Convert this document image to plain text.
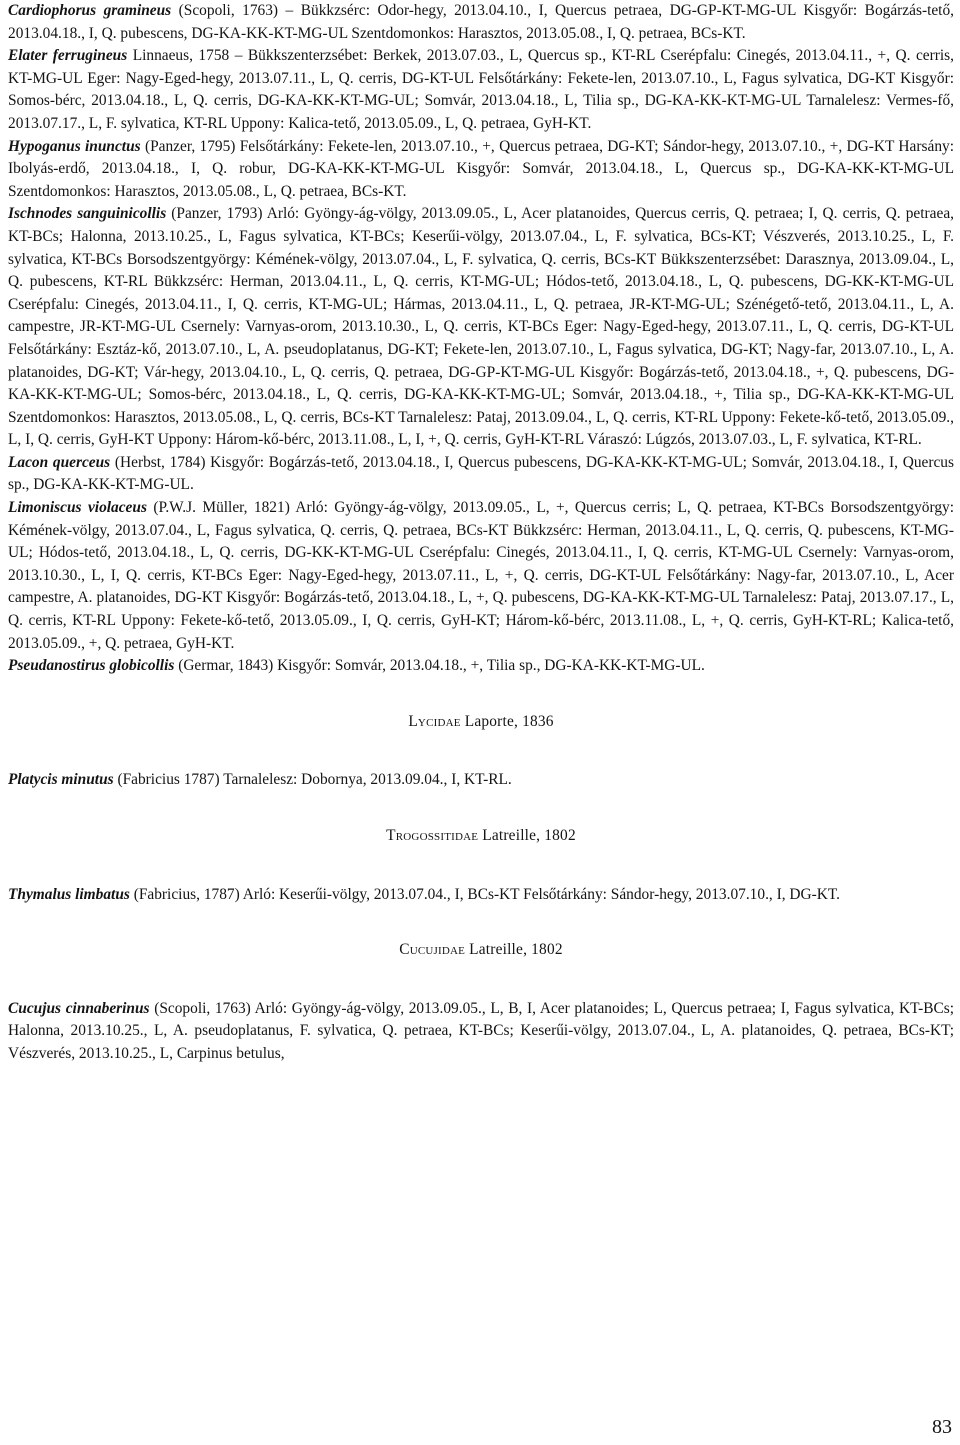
Cardiophorus gramineus (Scopoli, 1763) – Bükkzsérc: Odor-hegy, 2013.04.10., I, Quercus petraea, DG-GP-KT-MG-UL Kisgyőr: Bogárzás-tető, 2013.04.18., I, Q. pubescens, DG-KA-KK-KT-MG-UL Szentdomonkos: Harasztos, 2013.05.08., I, Q. petraea, BCs-KT.

Elater ferrugineus Linnaeus, 1758 – Bükkszenterzsébet: Berkek, 2013.07.03., L, Quercus sp., KT-RL Cserépfalu: Cinegés, 2013.04.11., +, Q. cerris, KT-MG-UL Eger: Nagy-Eged-hegy, 2013.07.11., L, Q. cerris, DG-KT-UL Felsőtárkány: Fekete-len, 2013.07.10., L, Fagus sylvatica, DG-KT Kisgyőr: Somos-bérc, 2013.04.18., L, Q. cerris, DG-KA-KK-KT-MG-UL; Somvár, 2013.04.18., L, Tilia sp., DG-KA-KK-KT-MG-UL Tarnalelesz: Vermes-fő, 2013.07.17., L, F. sylvatica, KT-RL Uppony: Kalica-tető, 2013.05.09., L, Q. petraea, GyH-KT.

Hypoganus inunctus (Panzer, 1795) Felsőtárkány: Fekete-len, 2013.07.10., +, Quercus petraea, DG-KT; Sándor-hegy, 2013.07.10., +, DG-KT Harsány: Ibolyás-erdő, 2013.04.18., I, Q. robur, DG-KA-KK-KT-MG-UL Kisgyőr: Somvár, 2013.04.18., L, Quercus sp., DG-KA-KK-KT-MG-UL Szentdomonkos: Harasztos, 2013.05.08., L, Q. petraea, BCs-KT.

Ischnodes sanguinicollis (Panzer, 1793) Arló: Gyöngy-ág-völgy, 2013.09.05., L, Acer platanoides, Quercus cerris, Q. petraea; I, Q. cerris, Q. petraea, KT-BCs; Halonna, 2013.10.25., L, Fagus sylvatica, KT-BCs; Keserűi-völgy, 2013.07.04., L, F. sylvatica, BCs-KT; Vészverés, 2013.10.25., L, F. sylvatica, KT-BCs Borsodszentgyörgy: Kémének-völgy, 2013.07.04., L, F. sylvatica, Q. cerris, BCs-KT Bükkszenterzsébet: Darasznya, 2013.09.04., L, Q. pubescens, KT-RL Bükkzsérc: Herman, 2013.04.11., L, Q. cerris, KT-MG-UL; Hódos-tető, 2013.04.18., L, Q. pubescens, DG-KK-KT-MG-UL Cserépfalu: Cinegés, 2013.04.11., I, Q. cerris, KT-MG-UL; Hármas, 2013.04.11., L, Q. petraea, JR-KT-MG-UL; Szénégető-tető, 2013.04.11., L, A. campestre, JR-KT-MG-UL Csernely: Varnyas-orom, 2013.10.30., L, Q. cerris, KT-BCs Eger: Nagy-Eged-hegy, 2013.07.11., L, Q. cerris, DG-KT-UL Felsőtárkány: Esztáz-kő, 2013.07.10., L, A. pseudoplatanus, DG-KT; Fekete-len, 2013.07.10., L, Fagus sylvatica, DG-KT; Nagy-far, 2013.07.10., L, A. platanoides, DG-KT; Vár-hegy, 2013.04.10., L, Q. cerris, Q. petraea, DG-GP-KT-MG-UL Kisgyőr: Bogárzás-tető, 2013.04.18., +, Q. pubescens, DG-KA-KK-KT-MG-UL; Somos-bérc, 2013.04.18., L, Q. cerris, DG-KA-KK-KT-MG-UL; Somvár, 2013.04.18., +, Tilia sp., DG-KA-KK-KT-MG-UL Szentdomonkos: Harasztos, 2013.05.08., L, Q. cerris, BCs-KT Tarnalelesz: Pataj, 2013.09.04., L, Q. cerris, KT-RL Uppony: Fekete-kő-tető, 2013.05.09., L, I, Q. cerris, GyH-KT Uppony: Három-kő-bérc, 2013.11.08., L, I, +, Q. cerris, GyH-KT-RL Váraszó: Lúgzós, 2013.07.03., L, F. sylvatica, KT-RL.

Lacon querceus (Herbst, 1784) Kisgyőr: Bogárzás-tető, 2013.04.18., I, Quercus pubescens, DG-KA-KK-KT-MG-UL; Somvár, 2013.04.18., I, Quercus sp., DG-KA-KK-KT-MG-UL.

Limoniscus violaceus (P.W.J. Müller, 1821) Arló: Gyöngy-ág-völgy, 2013.09.05., L, +, Quercus cerris; L, Q. petraea, KT-BCs Borsodszentgyörgy: Kémének-völgy, 2013.07.04., L, Fagus sylvatica, Q. cerris, Q. petraea, BCs-KT Bükkzsérc: Herman, 2013.04.11., L, Q. cerris, Q. pubescens, KT-MG-UL; Hódos-tető, 2013.04.18., L, Q. cerris, DG-KK-KT-MG-UL Cserépfalu: Cinegés, 2013.04.11., I, Q. cerris, KT-MG-UL Csernely: Varnyas-orom, 2013.10.30., L, I, Q. cerris, KT-BCs Eger: Nagy-Eged-hegy, 2013.07.11., L, +, Q. cerris, DG-KT-UL Felsőtárkány: Nagy-far, 2013.07.10., L, Acer campestre, A. platanoides, DG-KT Kisgyőr: Bogárzás-tető, 2013.04.18., L, +, Q. pubescens, DG-KA-KK-KT-MG-UL Tarnalelesz: Pataj, 2013.07.17., L, Q. cerris, KT-RL Uppony: Fekete-kő-tető, 2013.05.09., I, Q. cerris, GyH-KT; Három-kő-bérc, 2013.11.08., L, +, Q. cerris, GyH-KT-RL; Kalica-tető, 2013.05.09., +, Q. petraea, GyH-KT.

Pseudanostirus globicollis (Germar, 1843) Kisgyőr: Somvár, 2013.04.18., +, Tilia sp., DG-KA-KK-KT-MG-UL.

Lycidae Laporte, 1836

Platycis minutus (Fabricius 1787) Tarnalelesz: Dobornya, 2013.09.04., I, KT-RL.

Trogossitidae Latreille, 1802

Thymalus limbatus (Fabricius, 1787) Arló: Keserűi-völgy, 2013.07.04., I, BCs-KT Felsőtárkány: Sándor-hegy, 2013.07.10., I, DG-KT.

Cucujidae Latreille, 1802

Cucujus cinnaberinus (Scopoli, 1763) Arló: Gyöngy-ág-völgy, 2013.09.05., L, B, I, Acer platanoides; L, Quercus petraea; I, Fagus sylvatica, KT-BCs; Halonna, 2013.10.25., L, A. pseudoplatanus, F. sylvatica, Q. petraea, KT-BCs; Keserűi-völgy, 2013.07.04., L, A. platanoides, Q. petraea, BCs-KT; Vészverés, 2013.10.25., L, Carpinus betulus,

83
